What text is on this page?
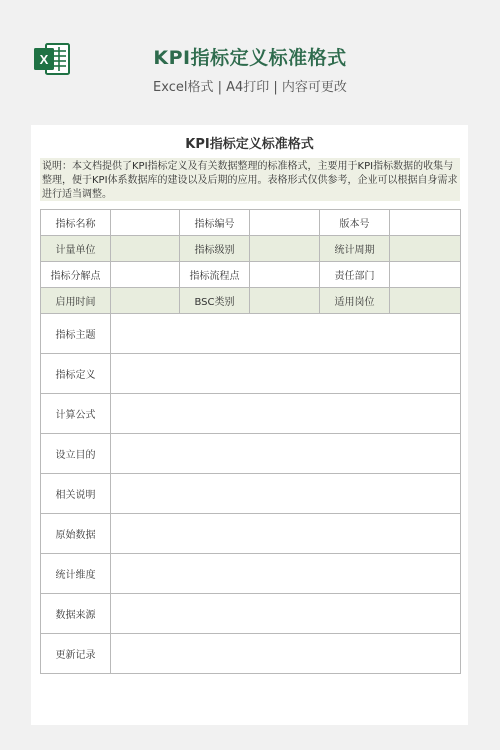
X	KPI指标定义标准格式
Excel格式 | A4打印 | 内容可更改
KPI指标定义标准格式
说明：本文档提供了KPI指标定义及有关数据整理的标准格式，主要用于KPI指标数据的收集与整理，便于KPI体系数据库的建设以及后期的应用。表格形式仅供参考，企业可以根据自身需求进行适当调整。
指标名称		指标编号		版本号	
计量单位		指标级别		统计周期	
指标分解点		指标流程点		责任部门	
启用时间		BSC类别		适用岗位	
指标主题					
指标定义					
计算公式					
设立目的					
相关说明					
原始数据					
统计维度					
数据来源					
更新记录					
